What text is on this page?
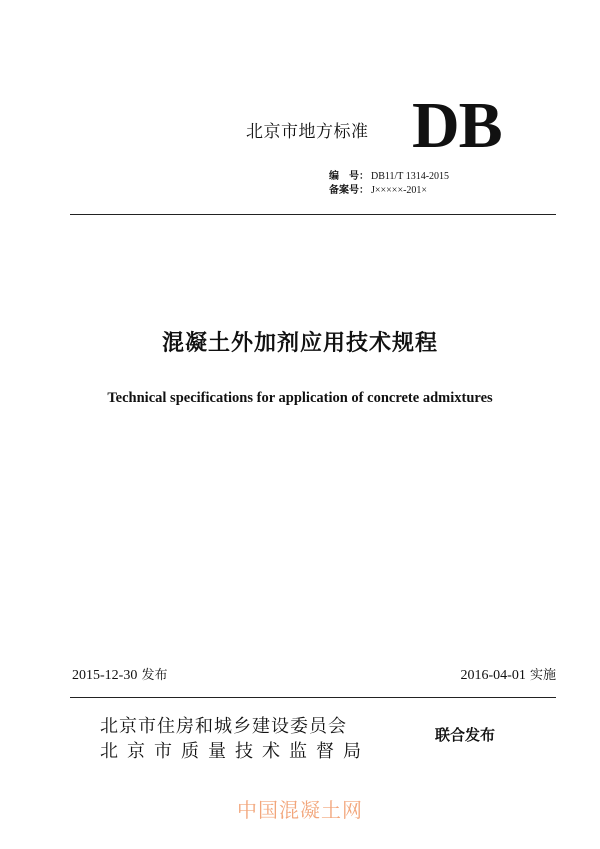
北京市地方标准 DB
编　号： DB11/T 1314-2015
备案号： J×××××-201×
混凝土外加剂应用技术规程
Technical specifications for application of concrete admixtures
2015-12-30 发布	2016-04-01 实施
北京市住房和城乡建设委员会
北京市质量技术监督局
联合发布
中国混凝土网
